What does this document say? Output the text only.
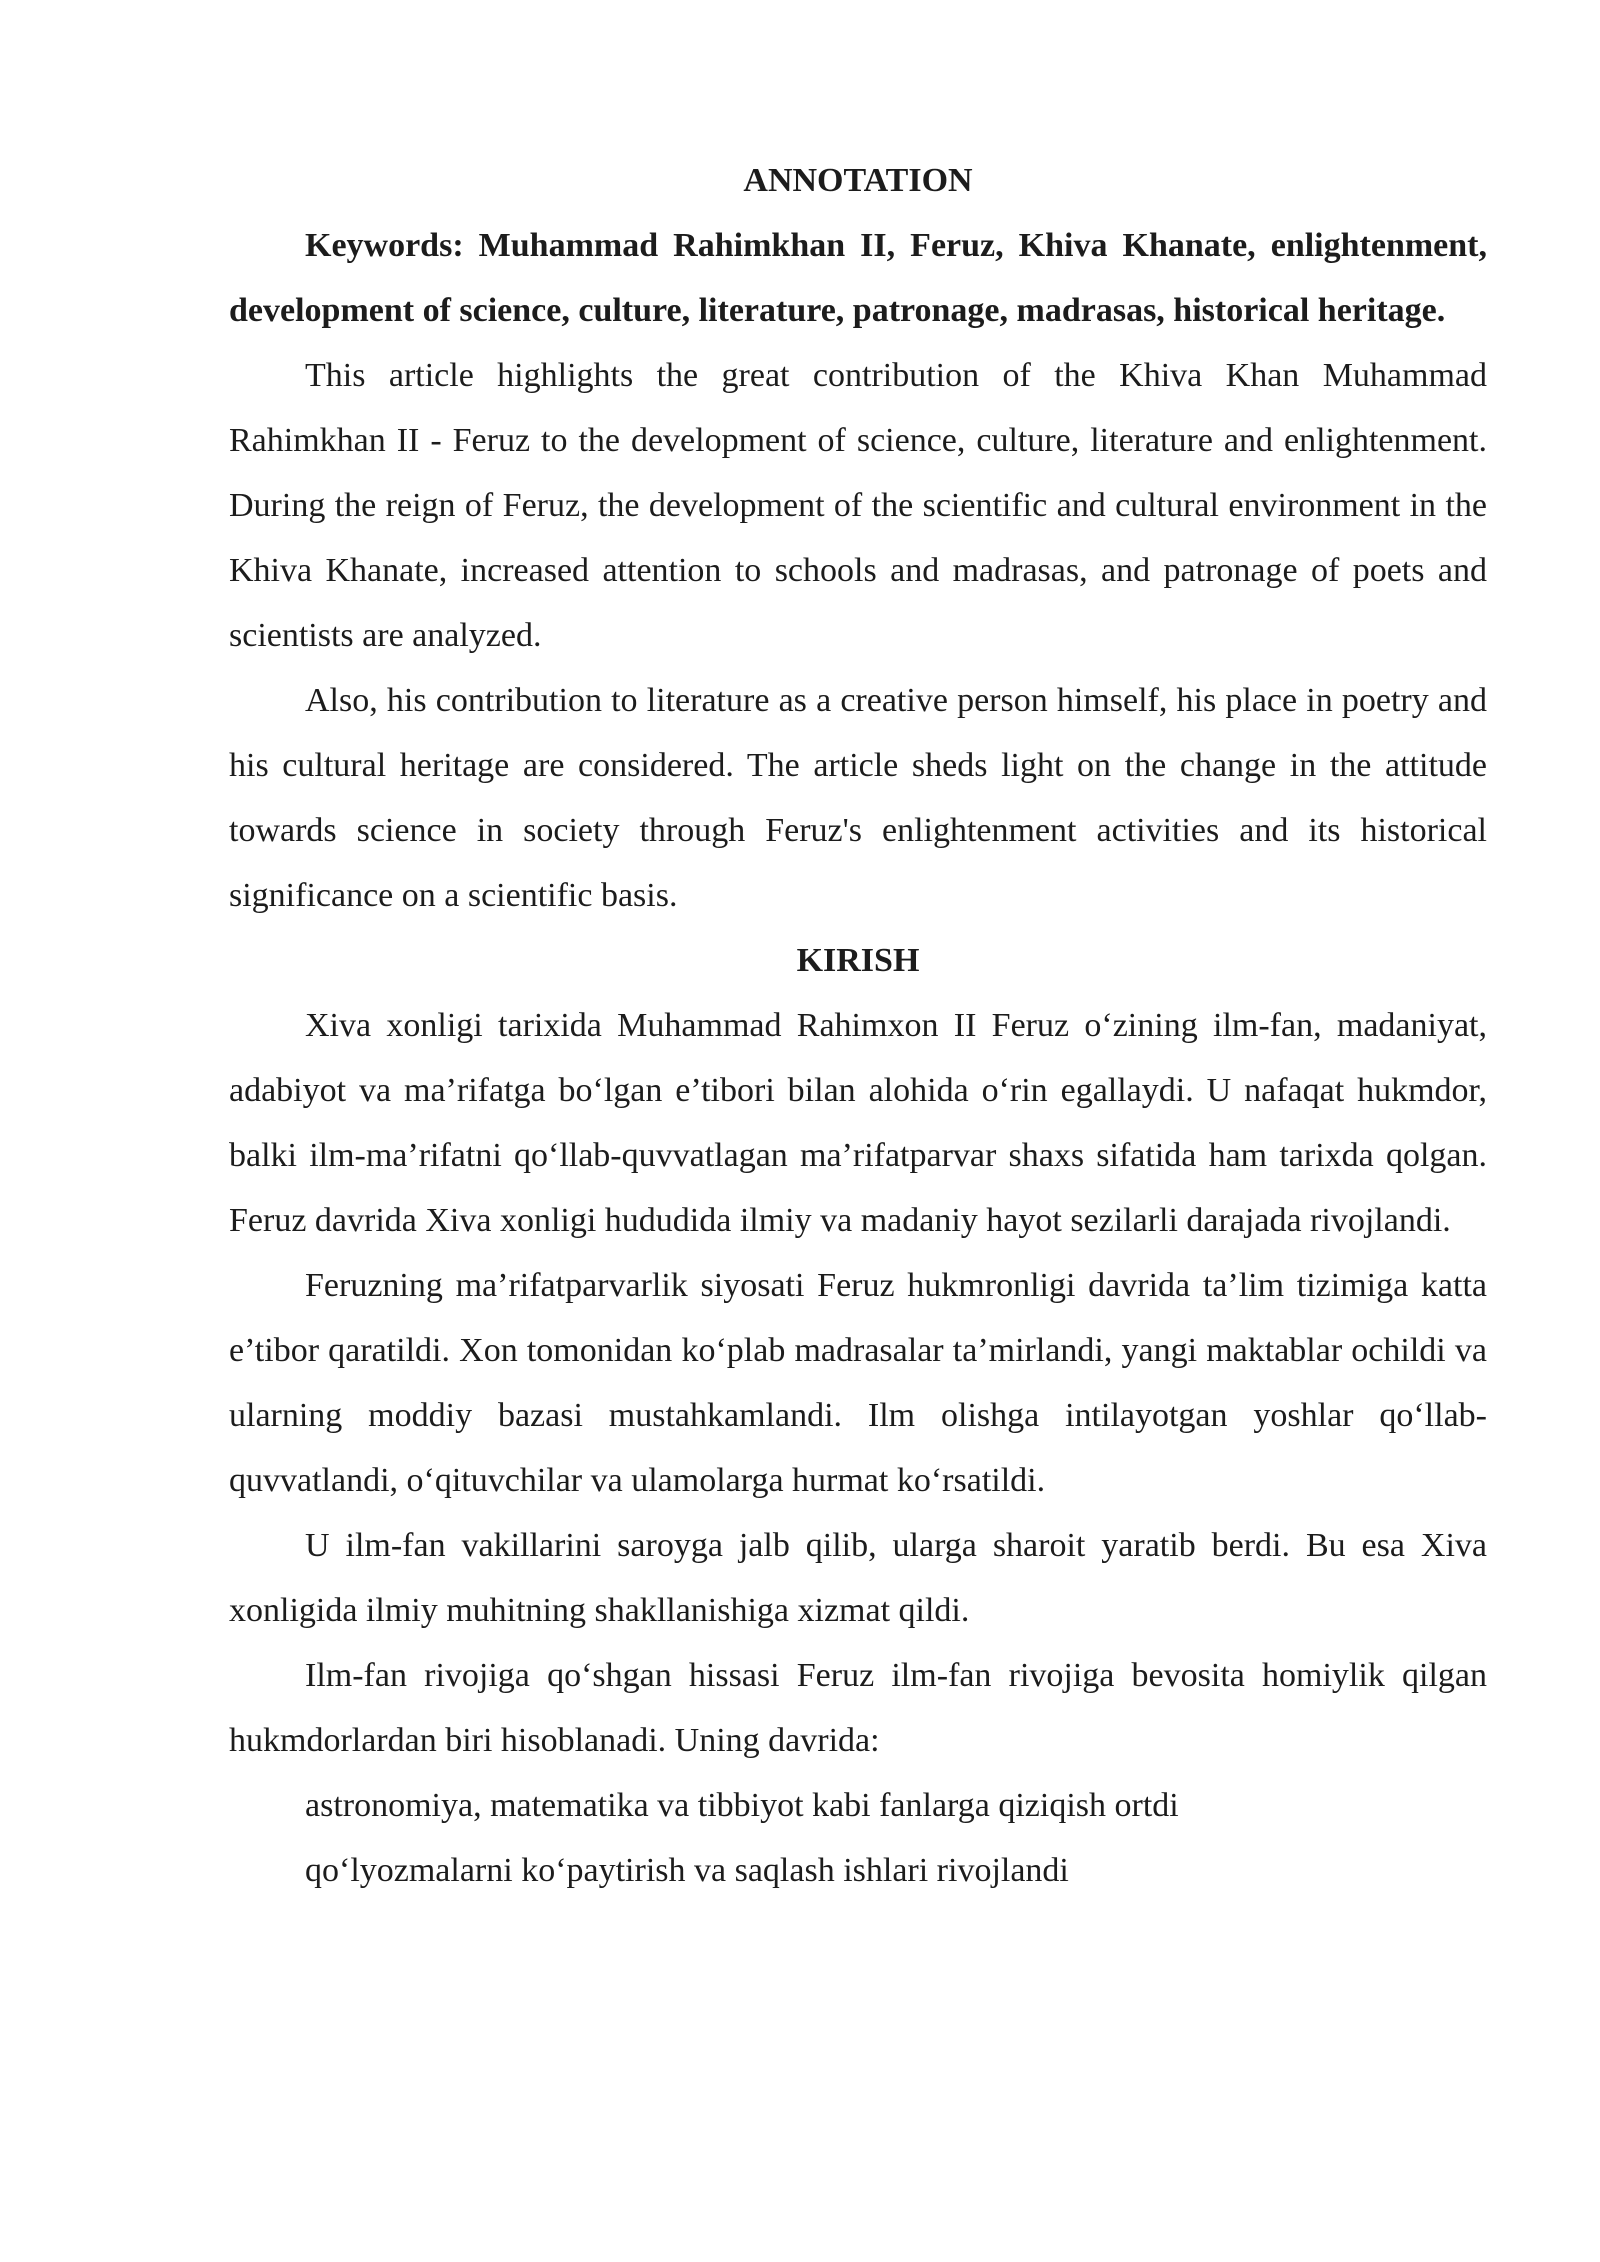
ANNOTATION

Keywords: Muhammad Rahimkhan II, Feruz, Khiva Khanate, enlightenment, development of science, culture, literature, patronage, madrasas, historical heritage.

This article highlights the great contribution of the Khiva Khan Muhammad Rahimkhan II - Feruz to the development of science, culture, literature and enlightenment. During the reign of Feruz, the development of the scientific and cultural environment in the Khiva Khanate, increased attention to schools and madrasas, and patronage of poets and scientists are analyzed.

Also, his contribution to literature as a creative person himself, his place in poetry and his cultural heritage are considered. The article sheds light on the change in the attitude towards science in society through Feruz's enlightenment activities and its historical significance on a scientific basis.

KIRISH

Xiva xonligi tarixida Muhammad Rahimxon II Feruz o‘zining ilm-fan, madaniyat, adabiyot va ma’rifatga bo‘lgan e’tibori bilan alohida o‘rin egallaydi. U nafaqat hukmdor, balki ilm-ma’rifatni qo‘llab-quvvatlagan ma’rifatparvar shaxs sifatida ham tarixda qolgan. Feruz davrida Xiva xonligi hududida ilmiy va madaniy hayot sezilarli darajada rivojlandi.

Feruzning ma’rifatparvarlik siyosati Feruz hukmronligi davrida ta’lim tizimiga katta e’tibor qaratildi. Xon tomonidan ko‘plab madrasalar ta’mirlandi, yangi maktablar ochildi va ularning moddiy bazasi mustahkamlandi. Ilm olishga intilayotgan yoshlar qo‘llab-quvvatlandi, o‘qituvchilar va ulamolarga hurmat ko‘rsatildi.

U ilm-fan vakillarini saroyga jalb qilib, ularga sharoit yaratib berdi. Bu esa Xiva xonligida ilmiy muhitning shakllanishiga xizmat qildi.

Ilm-fan rivojiga qo‘shgan hissasi Feruz ilm-fan rivojiga bevosita homiylik qilgan hukmdorlardan biri hisoblanadi. Uning davrida:

astronomiya, matematika va tibbiyot kabi fanlarga qiziqish ortdi
qo‘lyozmalarni ko‘paytirish va saqlash ishlari rivojlandi
